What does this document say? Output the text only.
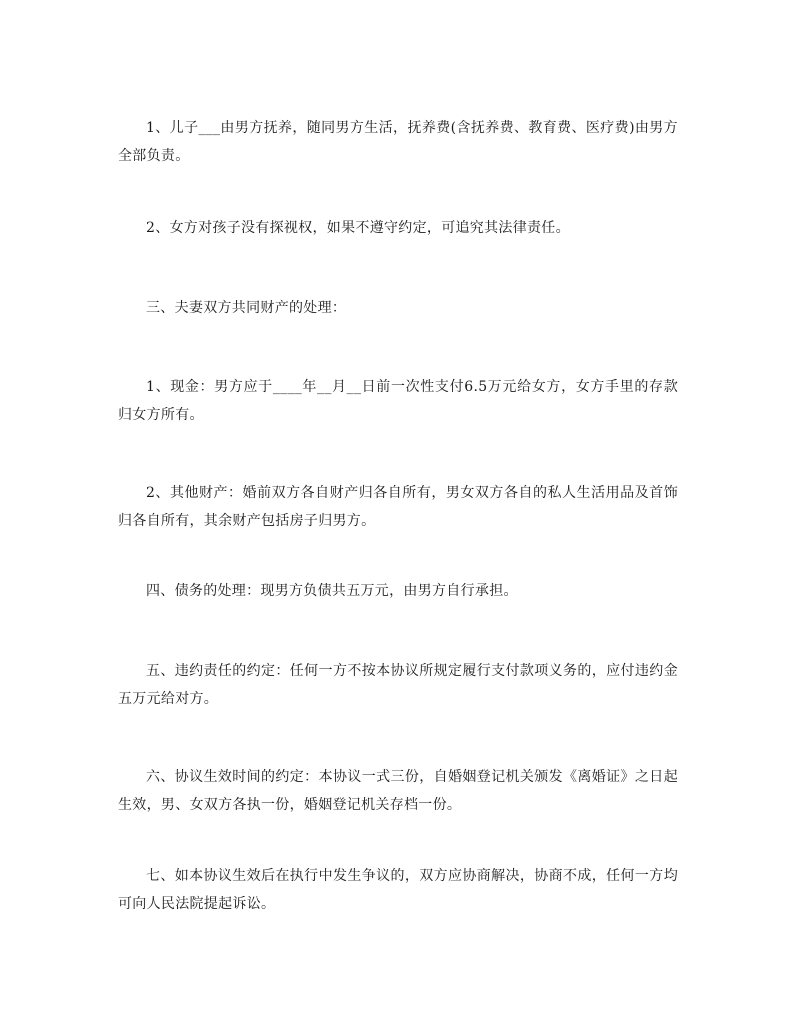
1、儿子___由男方抚养，随同男方生活，抚养费(含抚养费、教育费、医疗费)由男方全部负责。

2、女方对孩子没有探视权，如果不遵守约定，可追究其法律责任。

三、夫妻双方共同财产的处理：

1、现金：男方应于____年__月__日前一次性支付6.5万元给女方，女方手里的存款归女方所有。

2、其他财产：婚前双方各自财产归各自所有，男女双方各自的私人生活用品及首饰归各自所有，其余财产包括房子归男方。

四、债务的处理：现男方负债共五万元，由男方自行承担。

五、违约责任的约定：任何一方不按本协议所规定履行支付款项义务的，应付违约金五万元给对方。

六、协议生效时间的约定：本协议一式三份，自婚姻登记机关颁发《离婚证》之日起生效，男、女双方各执一份，婚姻登记机关存档一份。

七、如本协议生效后在执行中发生争议的，双方应协商解决，协商不成，任何一方均可向人民法院提起诉讼。
